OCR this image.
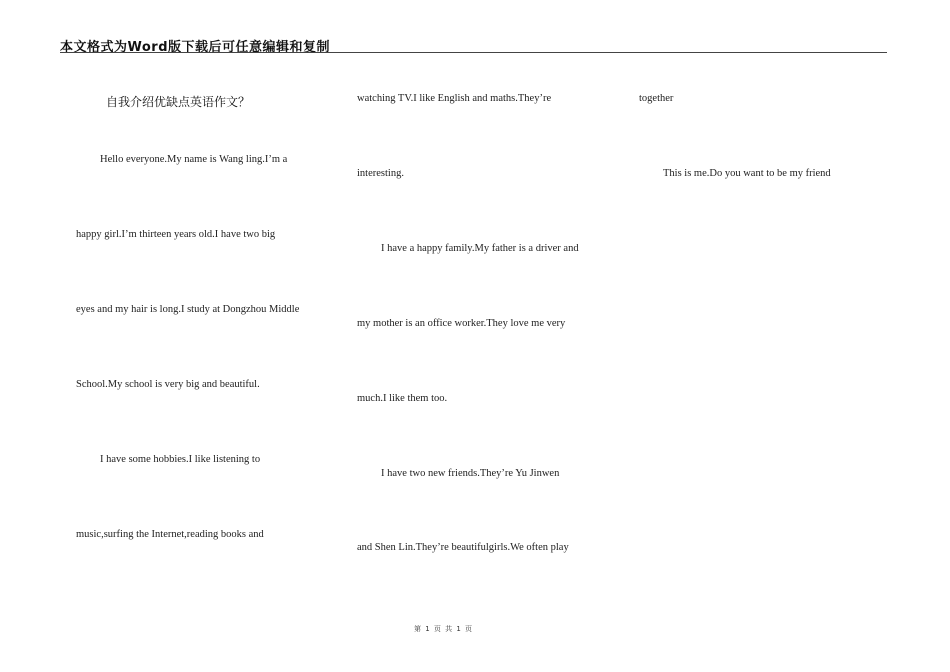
本文格式为Word版下载后可任意编辑和复制
自我介绍优缺点英语作文？
Hello everyone.My name is Wang ling.I’m a
happy girl.I’m thirteen years old.I have two big
eyes and my hair is long.I study at Dongzhou Middle
School.My school is very big and beautiful.
I have some hobbies.I like listening to
music,surfing the Internet,reading books and
watching TV.I like English and maths.They’re
interesting.
I have a happy family.My father is a driver and
my mother is an office worker.They love me very
much.I like them too.
I have two new friends.They’re Yu Jinwen
and Shen Lin.They’re beautifulgirls.We often play
together
This is me.Do you want to be my friend
第 1 页 共 1 页
